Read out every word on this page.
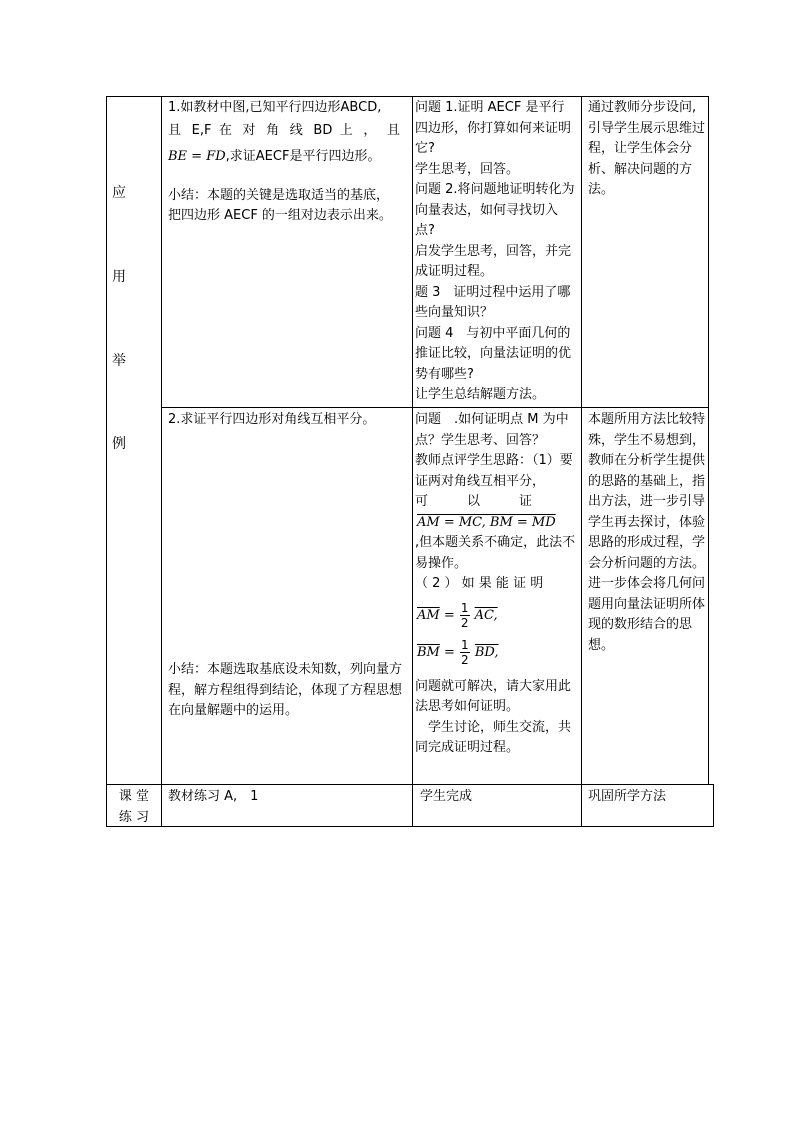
应
用
举
例

1.如教材中图,已知平行四边形ABCD,

且 E,F 在 对 角 线 BD 上 ， 且

BE = FD,求证AECF是平行四边形。

小结：本题的关键是选取适当的基底，把四边形 AECF 的一组对边表示出来。

问题 1.证明 AECF 是平行四边形，你打算如何来证明它?

学生思考，回答。

问题 2.将问题地证明转化为向量表达，如何寻找切入点?

启发学生思考，回答，并完成证明过程。

题 3　证明过程中运用了哪些向量知识？

问题 4　与初中平面几何的推证比较，向量法证明的优势有哪些?

让学生总结解题方法。

通过教师分步设问,引导学生展示思维过程，让学生体会分析、解决问题的方法。

2.求证平行四边形对角线互相平分。
小结：本题选取基底设未知数，列向量方程，解方程组得到结论，体现了方程思想在向量解题中的运用。

问题　.如何证明点 M 为中点？学生思考、回答？

教师点评学生思路：（1）要证两对角线互相平分，

可　　　以　　　证

AM = MC, BM = MD

,但本题关系不确定，此法不易操作。

（ 2 ） 如 果 能 证 明

$\overline{AM} = \frac{1}{2}$ AC,

$\overline{BM} = \frac{1}{2}$ BD,

问题就可解决，请大家用此法思考如何证明。

　学生讨论，师生交流，共同完成证明过程。

本题所用方法比较特殊，学生不易想到，教师在分析学生提供的思路的基础上，指出方法，进一步引导学生再去探讨，体验思路的形成过程，学会分析问题的方法。进一步体会将几何问题用向量法证明所体现的数形结合的思想。

课 堂

练 习

教材练习 A,　1	学生完成	巩固所学方法
